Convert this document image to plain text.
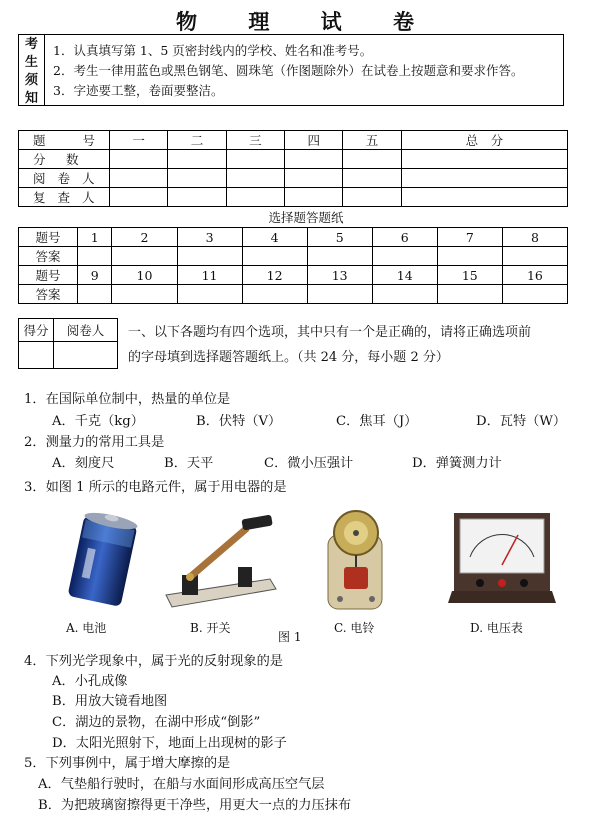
物 理 试 卷
考
生
须
知
1．认真填写第 1、5 页密封线内的学校、姓名和准考号。
2．考生一律用蓝色或黑色钢笔、圆珠笔（作图题除外）在试卷上按题意和要求作答。
3．字迹要工整，卷面要整洁。
题　　号	一	二	三	四	五	总　分
分　数						
阅 卷 人						
复 查 人						
选择题答题纸
题号	1	2	3	4	5	6	7	8
答案								
题号	9	10	11	12	13	14	15	16
答案								
得分	阅卷人
	一、以下各题均有四个选项，其中只有一个是正确的，请将正确选项前
的字母填到选择题答题纸上。（共 24 分，每小题 2 分）
1．在国际单位制中，热量的单位是
A．千克（kg）	B．伏特（V）	C．焦耳（J）	D．瓦特（W）
2．测量力的常用工具是
A．刻度尺	B．天平	C．微小压强计	D．弹簧测力计
3．如图 1 所示的电路元件，属于用电器的是
A. 电池	B. 开关
图 1
C. 电铃	D. 电压表
4．下列光学现象中，属于光的反射现象的是
A．小孔成像
B．用放大镜看地图
C．湖边的景物，在湖中形成“倒影”
D．太阳光照射下，地面上出现树的影子
5．下列事例中，属于增大摩擦的是
A．气垫船行驶时，在船与水面间形成高压空气层
B．为把玻璃窗擦得更干净些，用更大一点的力压抹布
